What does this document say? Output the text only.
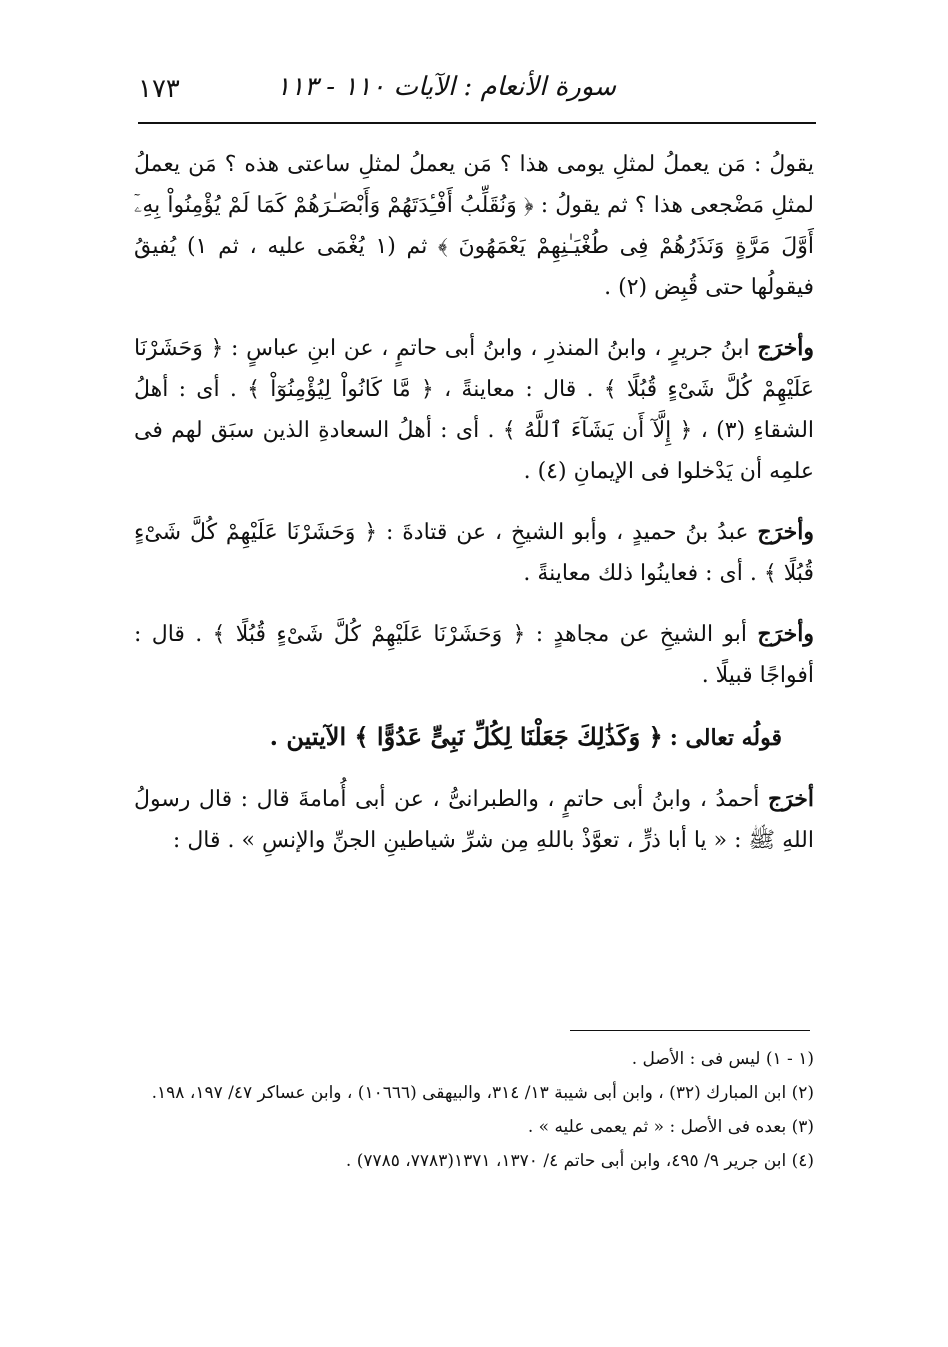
١٧٣	سورة الأنعام : الآيات ١١٠ - ١١٣

يقولُ : مَن يعملُ لمثلِ يومى هذا ؟ مَن يعملُ لمثلِ ساعتى هذه ؟ مَن يعملُ لمثلِ مَضْجعى هذا ؟ ثم يقولُ : ﴿ وَنُقَلِّبُ أَفْـِٔدَتَهُمْ وَأَبْصَـٰرَهُمْ كَمَا لَمْ يُؤْمِنُواْ بِهِۦٓ أَوَّلَ مَرَّةٍ وَنَذَرُهُمْ فِى طُغْيَـٰنِهِمْ يَعْمَهُونَ ﴾ ثم (١ يُغْمَى عليه ، ثم ١) يُفيقُ فيقولُها حتى قُبِض (٢) .

وأخرَج ابنُ جريرٍ ، وابنُ المنذرِ ، وابنُ أبى حاتمٍ ، عن ابنِ عباسٍ : ﴿ وَحَشَرْنَا عَلَيْهِمْ كُلَّ شَىْءٍ قُبُلًا ﴾ . قال : معاينةً ، ﴿ مَّا كَانُواْ لِيُؤْمِنُوٓاْ ﴾ . أى : أهلُ الشقاءِ (٣) ، ﴿ إِلَّآ أَن يَشَآءَ ٱللَّهُ ﴾ . أى : أهلُ السعادةِ الذين سبَق لهم فى علمِه أن يَدْخلوا فى الإيمانِ (٤) .

وأخرَج عبدُ بنُ حميدٍ ، وأبو الشيخِ ، عن قتادةَ : ﴿ وَحَشَرْنَا عَلَيْهِمْ كُلَّ شَىْءٍ قُبُلًا ﴾ . أى : فعاينُوا ذلك معاينةً .

وأخرَج أبو الشيخِ عن مجاهدٍ : ﴿ وَحَشَرْنَا عَلَيْهِمْ كُلَّ شَىْءٍ قُبُلًا ﴾ . قال : أفواجًا قبيلًا .

قولُه تعالى : ﴿ وَكَذَٰلِكَ جَعَلْنَا لِكُلِّ نَبِىٍّ عَدُوًّا ﴾ الآيتين .

أخرَج أحمدُ ، وابنُ أبى حاتمٍ ، والطبرانىُّ ، عن أبى أُمامةَ قال : قال رسولُ اللهِ ﷺ : « يا أبا ذرٍّ ، تعوَّذْ باللهِ مِن شرِّ شياطينِ الجنِّ والإنسِ » . قال :

(١ - ١) ليس فى : الأصل .

(٢) ابن المبارك (٣٢) ، وابن أبى شيبة ١٣/ ٣١٤، والبيهقى (١٠٦٦٦) ، وابن عساكر ٤٧/ ١٩٧، ١٩٨.

(٣) بعده فى الأصل : « ثم يعمى عليه » .

(٤) ابن جرير ٩/ ٤٩٥، وابن أبى حاتم ٤/ ١٣٧٠، ١٣٧١(٧٧٨٣، ٧٧٨٥) .
